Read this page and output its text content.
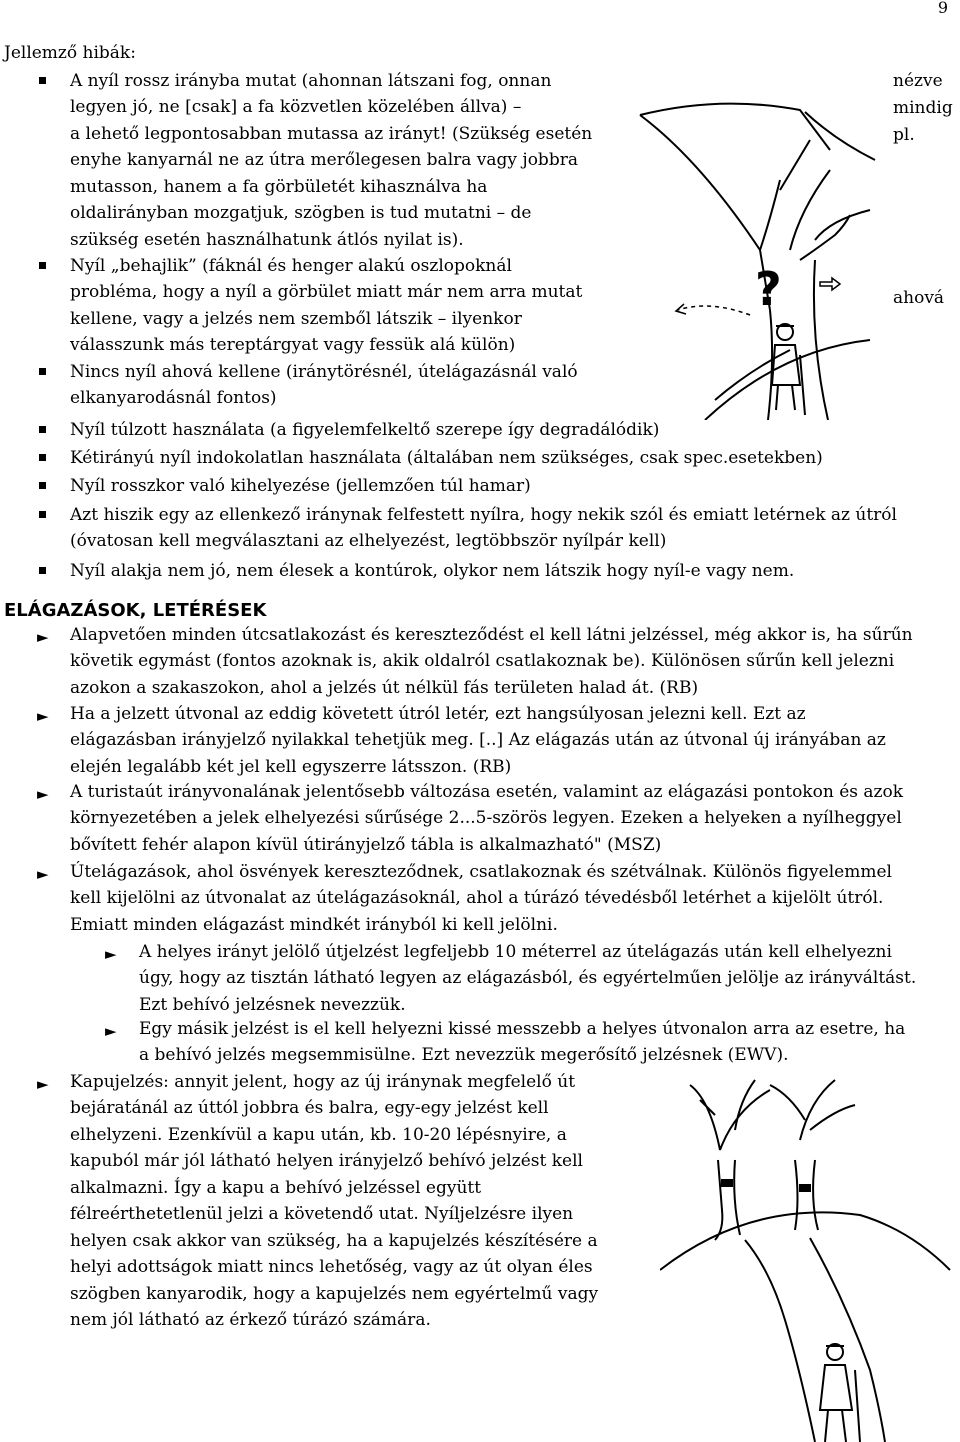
9
Jellemző hibák:
A nyíl rossz irányba mutat (ahonnan látszani fog, onnan
legyen jó, ne [csak] a fa közvetlen közelében állva) –
a lehető legpontosabban mutassa az irányt! (Szükség esetén
enyhe kanyarnál ne az útra merőlegesen balra vagy jobbra
mutasson, hanem a fa görbületét kihasználva ha
oldalirányban mozgatjuk, szögben is tud mutatni – de
szükség esetén használhatunk átlós nyilat is).
nézve
mindig
pl.
Nyíl „behajlik” (fáknál és henger alakú oszlopoknál
probléma, hogy a nyíl a görbület miatt már nem arra mutat
kellene, vagy a jelzés nem szemből látszik – ilyenkor
válasszunk más tereptárgyat vagy fessük alá külön)
ahová
Nincs nyíl ahová kellene (iránytörésnél, útelágazásnál való
elkanyarodásnál fontos)
Nyíl túlzott használata (a figyelemfelkeltő szerepe így degradálódik)
Kétirányú nyíl indokolatlan használata (általában nem szükséges, csak spec.esetekben)
Nyíl rosszkor való kihelyezése (jellemzően túl hamar)
Azt hiszik egy az ellenkező iránynak felfestett nyílra, hogy nekik szól és emiatt letérnek az útról
(óvatosan kell megválasztani az elhelyezést, legtöbbször nyílpár kell)
Nyíl alakja nem jó, nem élesek a kontúrok, olykor nem látszik hogy nyíl-e vagy nem.
► Alapvetően minden útcsatlakozást és kereszteződést el kell látni jelzéssel, még akkor is, ha sűrűn
követik egymást (fontos azoknak is, akik oldalról csatlakoznak be). Különösen sűrűn kell jelezni
azokon a szakaszokon, ahol a jelzés út nélkül fás területen halad át. (RB)
► Ha a jelzett útvonal az eddig követett útról letér, ezt hangsúlyosan jelezni kell. Ezt az
elágazásban irányjelző nyilakkal tehetjük meg. [..] Az elágazás után az útvonal új irányában az
elején legalább két jel kell egyszerre látsszon. (RB)
► A turistaút irányvonalának jelentősebb változása esetén, valamint az elágazási pontokon és azok
környezetében a jelek elhelyezési sűrűsége 2...5-szörös legyen. Ezeken a helyeken a nyílheggyel
bővített fehér alapon kívül útirányjelző tábla is alkalmazható" (MSZ)
► Útelágazások, ahol ösvények kereszteződnek, csatlakoznak és szétválnak. Különös figyelemmel
kell kijelölni az útvonalat az útelágazásoknál, ahol a túrázó tévedésből letérhet a kijelölt útról.
Emiatt minden elágazást mindkét irányból ki kell jelölni.
► A helyes irányt jelölő útjelzést legfeljebb 10 méterrel az útelágazás után kell elhelyezni
úgy, hogy az tisztán látható legyen az elágazásból, és egyértelműen jelölje az irányváltást.
Ezt behívó jelzésnek nevezzük.
► Egy másik jelzést is el kell helyezni kissé messzebb a helyes útvonalon arra az esetre, ha
a behívó jelzés megsemmisülne. Ezt nevezzük megerősítő jelzésnek (EWV).
► Kapujelzés: annyit jelent, hogy az új iránynak megfelelő út
bejáratánál az úttól jobbra és balra, egy-egy jelzést kell
elhelyzeni. Ezenkívül a kapu után, kb. 10-20 lépésnyire, a
kapuból már jól látható helyen irányjelző behívó jelzést kell
alkalmazni. Így a kapu a behívó jelzéssel együtt
félreérthetetlenül jelzi a követendő utat. Nyíljelzésre ilyen
helyen csak akkor van szükség, ha a kapujelzés készítésére a
helyi adottságok miatt nincs lehetőség, vagy az út olyan éles
szögben kanyarodik, hogy a kapujelzés nem egyértelmű vagy
nem jól látható az érkező túrázó számára.
ELÁGAZÁSOK, LETÉRÉSEK
?
